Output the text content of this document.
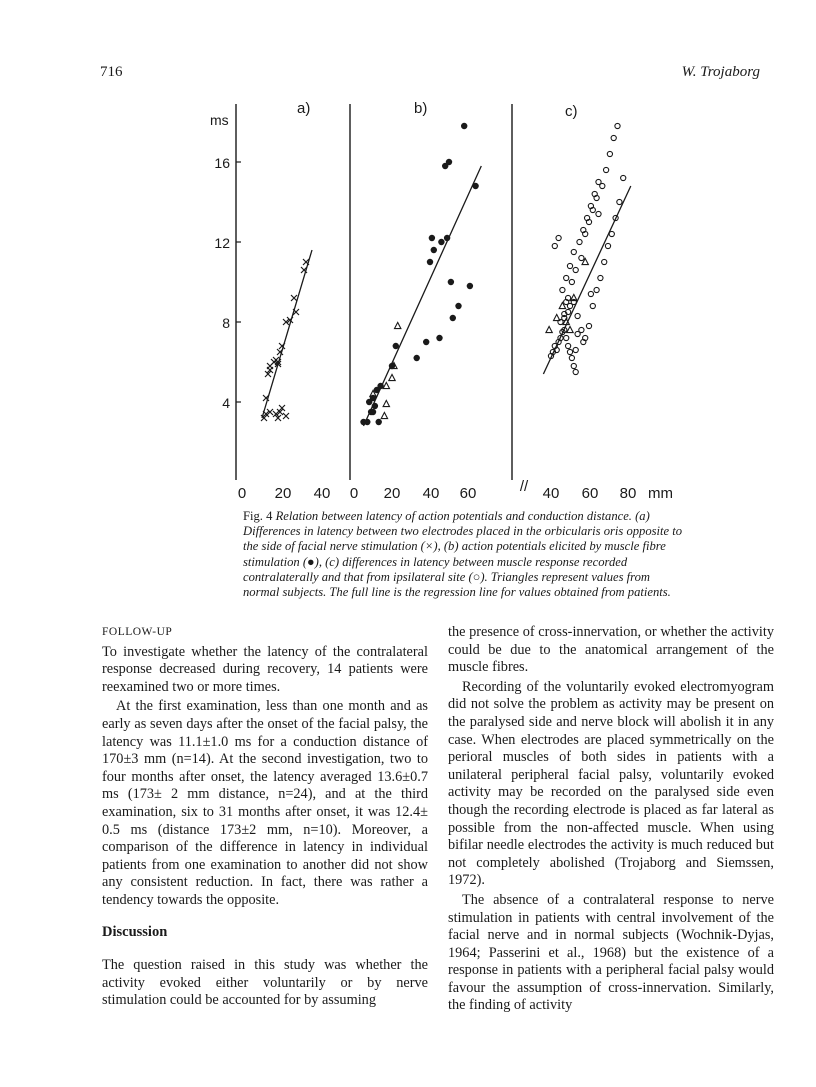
716	W. Trojaborg
ms
a)	b)	c)
16
12
8
4
0 20 40 0 20 40 60	// 40 60 80 mm
Fig. 4 Relation between latency of action potentials and conduction distance. (a) Differences in latency between two electrodes placed in the orbicularis oris opposite to the side of facial nerve stimulation (×), (b) action potentials elicited by muscle fibre stimulation (●), (c) differences in latency between muscle response recorded contralaterally and that from ipsilateral site (○). Triangles represent values from normal subjects. The full line is the regression line for values obtained from patients.
FOLLOW-UP

To investigate whether the latency of the contralateral response decreased during recovery, 14 patients were reexamined two or more times.

At the first examination, less than one month and as early as seven days after the onset of the facial palsy, the latency was 11.1±1.0 ms for a conduction distance of 170±3 mm (n=14). At the second investigation, two to four months after onset, the latency averaged 13.6±0.7 ms (173± 2 mm distance, n=24), and at the third examination, six to 31 months after onset, it was 12.4± 0.5 ms (distance 173±2 mm, n=10). Moreover, a comparison of the difference in latency in individual patients from one examination to another did not show any consistent reduction. In fact, there was rather a tendency towards the opposite.

Discussion

The question raised in this study was whether the activity evoked either voluntarily or by nerve stimulation could be accounted for by assuming

the presence of cross-innervation, or whether the activity could be due to the anatomical arrangement of the muscle fibres.

Recording of the voluntarily evoked electromyogram did not solve the problem as activity may be present on the paralysed side and nerve block will abolish it in any case. When electrodes are placed symmetrically on the perioral muscles of both sides in patients with a unilateral peripheral facial palsy, voluntarily evoked activity may be recorded on the paralysed side even though the recording electrode is placed as far lateral as possible from the non-affected muscle. When using bifilar needle electrodes the activity is much reduced but not completely abolished (Trojaborg and Siemssen, 1972).

The absence of a contralateral response to nerve stimulation in patients with central involvement of the facial nerve and in normal subjects (Wochnik-Dyjas, 1964; Passerini et al., 1968) but the existence of a response in patients with a peripheral facial palsy would favour the assumption of cross-innervation. Similarly, the finding of activity
